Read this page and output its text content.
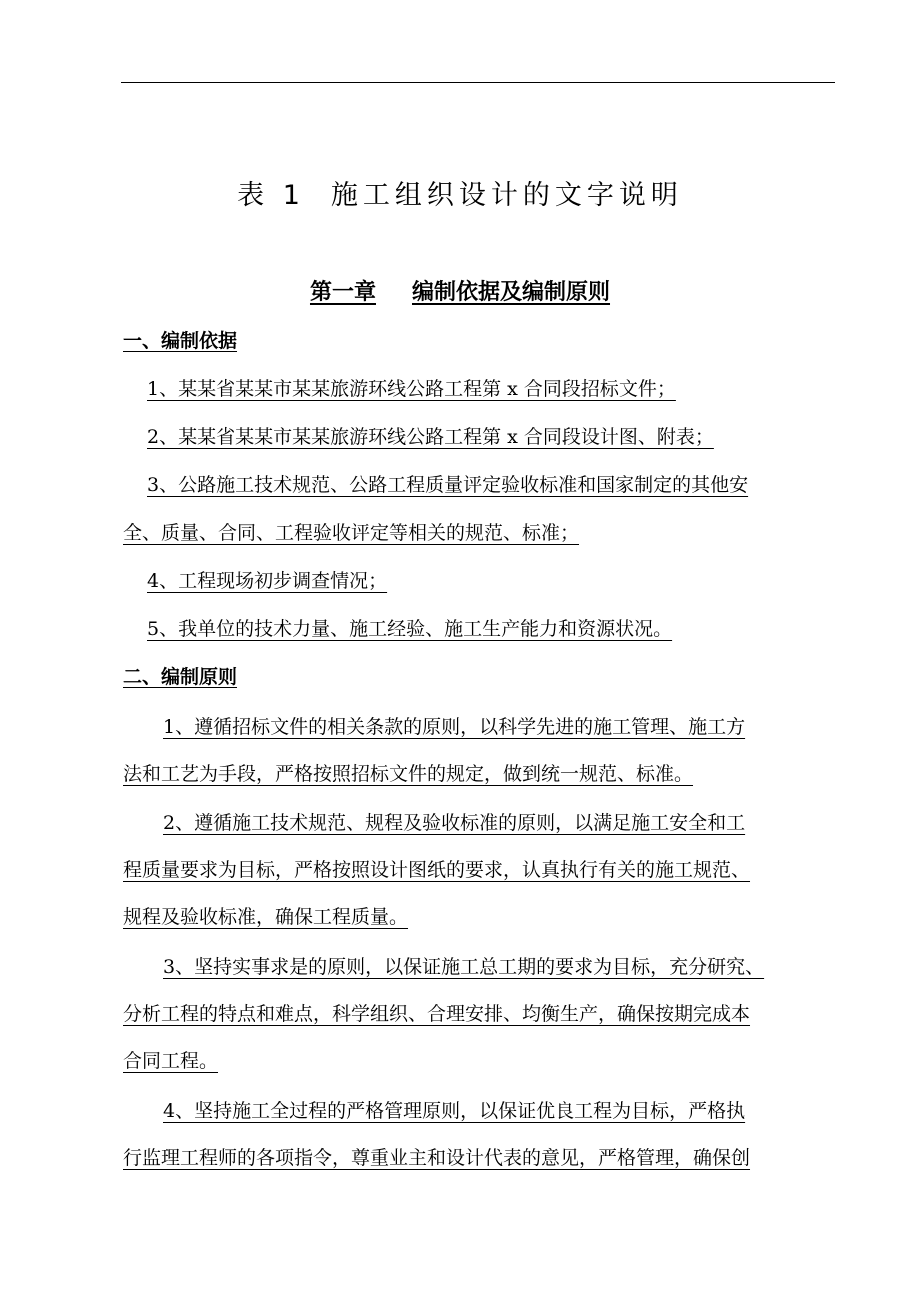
表 1 施工组织设计的文字说明
第一章 编制依据及编制原则
一、编制依据
1、某某省某某市某某旅游环线公路工程第 x 合同段招标文件；
2、某某省某某市某某旅游环线公路工程第 x 合同段设计图、附表；
3、公路施工技术规范、公路工程质量评定验收标准和国家制定的其他安
全、质量、合同、工程验收评定等相关的规范、标准；
4、工程现场初步调查情况；
5、我单位的技术力量、施工经验、施工生产能力和资源状况。
二、编制原则
1、遵循招标文件的相关条款的原则，以科学先进的施工管理、施工方
法和工艺为手段，严格按照招标文件的规定，做到统一规范、标准。
2、遵循施工技术规范、规程及验收标准的原则，以满足施工安全和工
程质量要求为目标，严格按照设计图纸的要求，认真执行有关的施工规范、
规程及验收标准，确保工程质量。
3、坚持实事求是的原则，以保证施工总工期的要求为目标，充分研究、
分析工程的特点和难点，科学组织、合理安排、均衡生产，确保按期完成本
合同工程。
4、坚持施工全过程的严格管理原则，以保证优良工程为目标，严格执
行监理工程师的各项指令，尊重业主和设计代表的意见，严格管理，确保创
